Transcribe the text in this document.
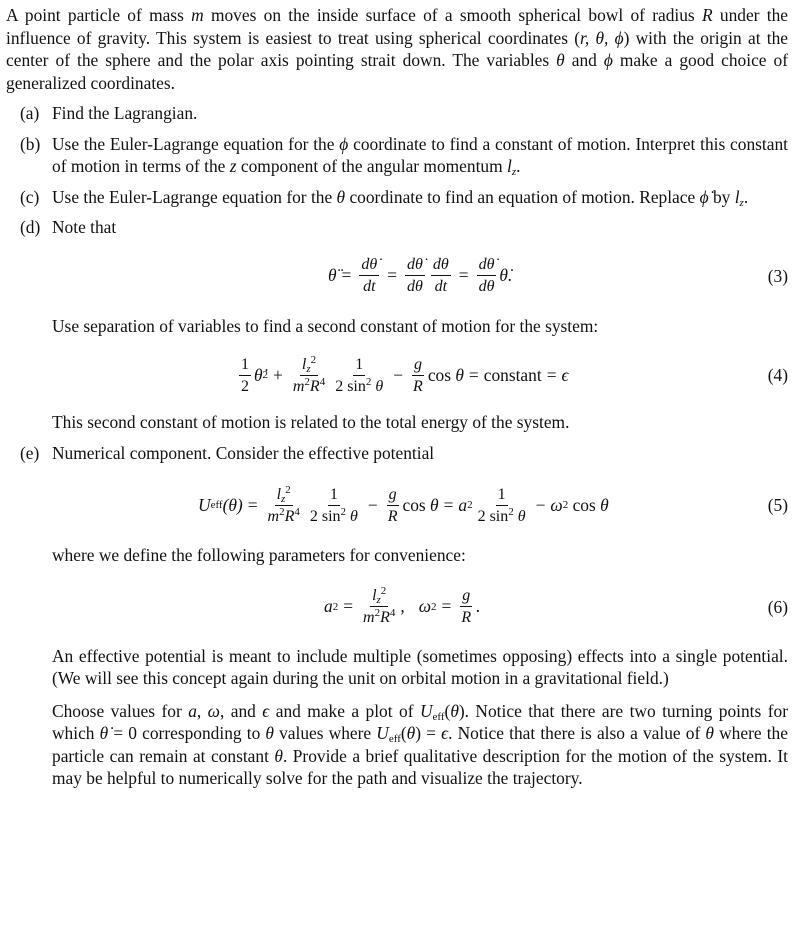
A point particle of mass m moves on the inside surface of a smooth spherical bowl of radius R under the influence of gravity. This system is easiest to treat using spherical coordinates (r, θ, ϕ) with the origin at the center of the sphere and the polar axis pointing strait down. The variables θ and ϕ make a good choice of generalized coordinates.

(a) Find the Lagrangian.

(b) Use the Euler-Lagrange equation for the ϕ coordinate to find a constant of motion. Interpret this constant of motion in terms of the z component of the angular momentum $l_z$.

(c) Use the Euler-Lagrange equation for the θ coordinate to find an equation of motion. Replace ϕ̇ by $l_z$.

(d) Note that

θ̈ = $\frac{d\thetȧ}{dt} = \frac{d\thetȧ}{d\theta} \frac{d\theta}{dt} = \frac{d\thetȧ}{d\theta}$ θ̇.	(3)

Use separation of variables to find a second constant of motion for the system:

$\frac{1}{2}$ θ̇ $2 + \frac{l_z^2}{m^2R^4} \frac{1}{2 \sin^2 \theta} - \frac{g}{R}$ cos θ = constant = ϵ	(4)

This second constant of motion is related to the total energy of the system.

(e) Numerical component. Consider the effective potential

U eff $(\theta) = \frac{l_z^2}{m^2R^4} \frac{1}{2 \sin^2 \theta} - \frac{g}{R}$ cos θ = a $2 \frac{1}{2 \sin^2 \theta} - \omega$ 2
cos θ	(5)

where we define the following parameters for convenience:

a $2 = \frac{l_z^2}{m^2R^4}$ ,
ω $2 = \frac{g}{R}$ .	(6)

An effective potential is meant to include multiple (sometimes opposing) effects into a single potential. (We will see this concept again during the unit on orbital motion in a gravitational field.)

Choose values for a, ω, and ϵ and make a plot of $U_{eff}(\theta)$. Notice that there are two turning points for which θ̇ = 0 corresponding to θ values where $U_{eff}(\theta) = \epsilon$. Notice that there is also a value of θ where the particle can remain at constant θ. Provide a brief qualitative description for the motion of the system. It may be helpful to numerically solve for the path and visualize the trajectory.
